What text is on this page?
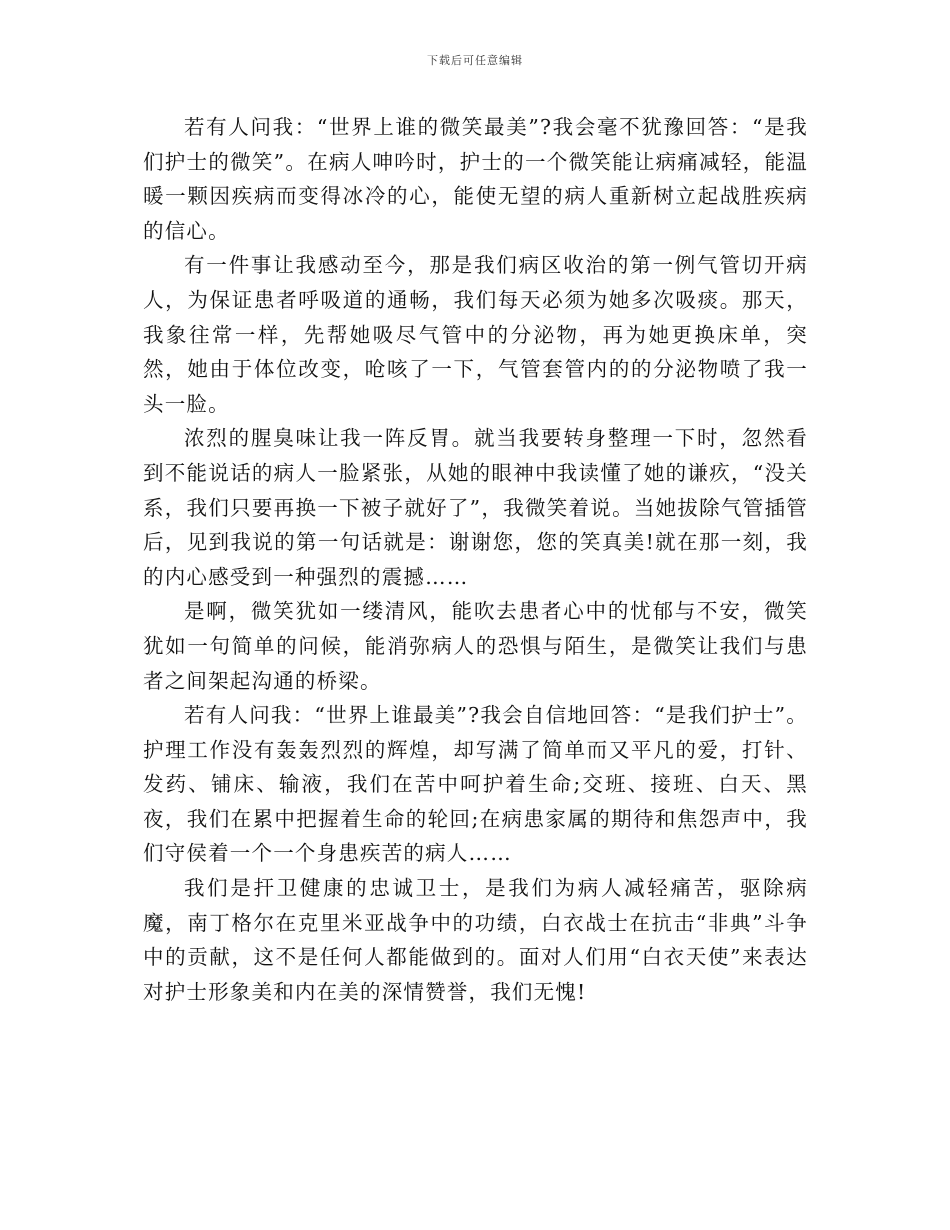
下载后可任意编辑

若有人问我：“世界上谁的微笑最美”?我会毫不犹豫回答：“是我们护士的微笑”。在病人呻吟时，护士的一个微笑能让病痛减轻，能温暖一颗因疾病而变得冰冷的心，能使无望的病人重新树立起战胜疾病的信心。

有一件事让我感动至今，那是我们病区收治的第一例气管切开病人，为保证患者呼吸道的通畅，我们每天必须为她多次吸痰。那天，我象往常一样，先帮她吸尽气管中的分泌物，再为她更换床单，突然，她由于体位改变，呛咳了一下，气管套管内的的分泌物喷了我一头一脸。

浓烈的腥臭味让我一阵反胃。就当我要转身整理一下时，忽然看到不能说话的病人一脸紧张，从她的眼神中我读懂了她的谦疚，“没关系，我们只要再换一下被子就好了”，我微笑着说。当她拔除气管插管后，见到我说的第一句话就是：谢谢您，您的笑真美!就在那一刻，我的内心感受到一种强烈的震撼……

是啊，微笑犹如一缕清风，能吹去患者心中的忧郁与不安，微笑犹如一句简单的问候，能消弥病人的恐惧与陌生，是微笑让我们与患者之间架起沟通的桥梁。

若有人问我：“世界上谁最美”?我会自信地回答：“是我们护士”。护理工作没有轰轰烈烈的辉煌，却写满了简单而又平凡的爱，打针、发药、铺床、输液，我们在苦中呵护着生命;交班、接班、白天、黑夜，我们在累中把握着生命的轮回;在病患家属的期待和焦怨声中，我们守侯着一个一个身患疾苦的病人……

我们是扞卫健康的忠诚卫士，是我们为病人减轻痛苦，驱除病魔，南丁格尔在克里米亚战争中的功绩，白衣战士在抗击“非典”斗争中的贡献，这不是任何人都能做到的。面对人们用“白衣天使”来表达对护士形象美和内在美的深情赞誉，我们无愧!
